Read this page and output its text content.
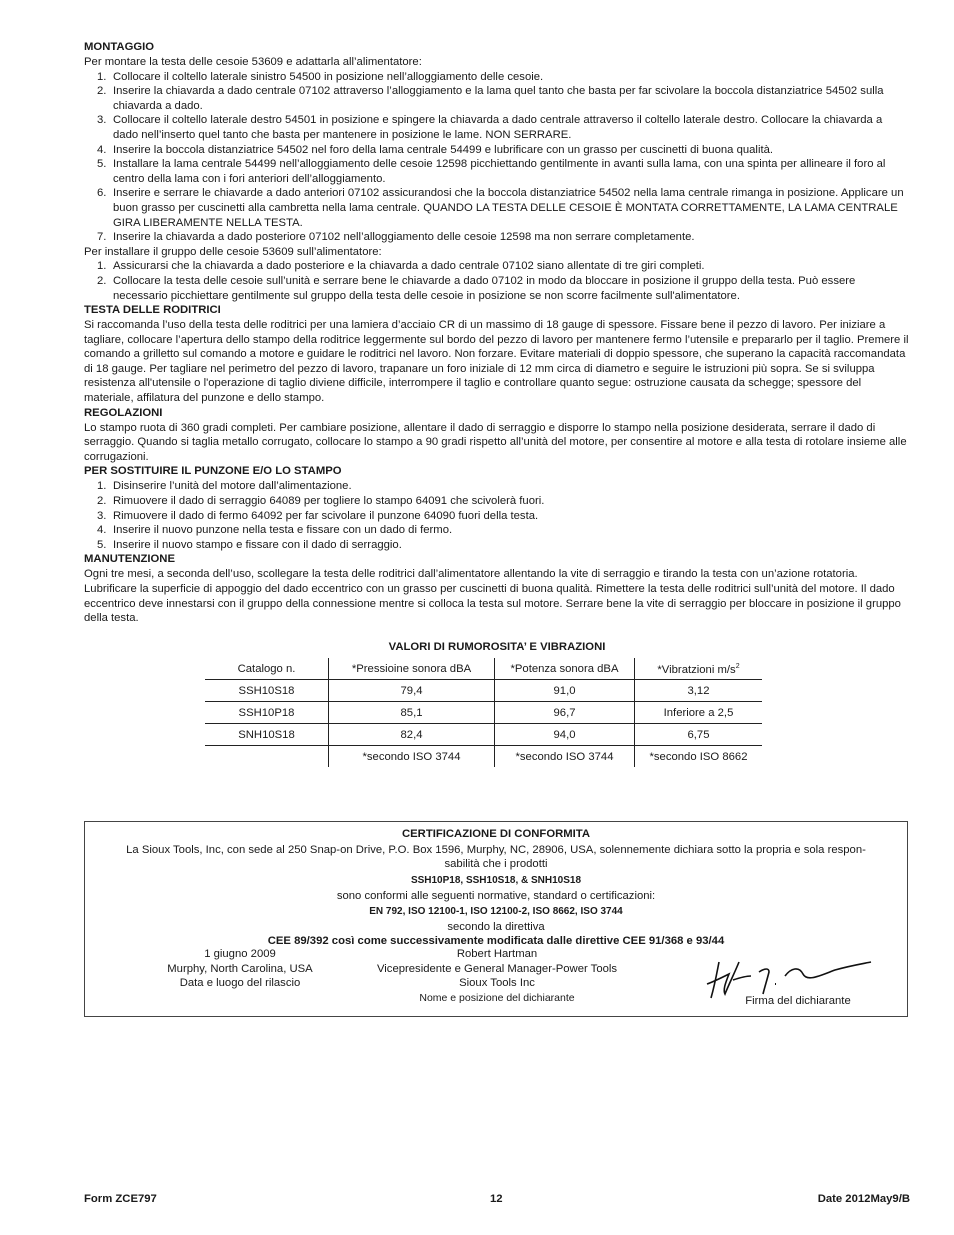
MONTAGGIO

Per montare la testa delle cesoie 53609 e adattarla all’alimentatore:

1. Collocare il coltello laterale sinistro 54500 in posizione nell’alloggiamento delle cesoie.
2. Inserire la chiavarda a dado centrale 07102 attraverso l’alloggiamento e la lama quel tanto che basta per far scivolare la boccola distanziatrice 54502 sulla chiavarda a dado.
3. Collocare il coltello laterale destro 54501 in posizione e spingere la chiavarda a dado centrale attraverso il coltello laterale destro. Collocare la chiavarda a dado nell’inserto quel tanto che basta per mantenere in posizione le lame. NON SERRARE.
4. Inserire la boccola distanziatrice 54502 nel foro della lama centrale 54499 e lubrificare con un grasso per cuscinetti di buona qualità.
5. Installare la lama centrale 54499 nell’alloggiamento delle cesoie 12598 picchiettando gentilmente in avanti sulla lama, con una spinta per allineare il foro al centro della lama con i fori anteriori dell’alloggiamento.
6. Inserire e serrare le chiavarde a dado anteriori 07102 assicurandosi che la boccola distanziatrice 54502 nella lama centrale rimanga in posizione. Applicare un buon grasso per cuscinetti alla cambretta nella lama centrale. QUANDO LA TESTA DELLE CESOIE È MONTATA CORRETTAMENTE, LA LAMA CENTRALE GIRA LIBERAMENTE NELLA TESTA.
7. Inserire la chiavarda a dado posteriore 07102 nell’alloggiamento delle cesoie 12598 ma non serrare completamente.

Per installare il gruppo delle cesoie 53609 sull’alimentatore:

1. Assicurarsi che la chiavarda a dado posteriore e la chiavarda a dado centrale 07102 siano allentate di tre giri completi.
2. Collocare la testa delle cesoie sull’unità e serrare bene le chiavarde a dado 07102 in modo da bloccare in posizione il gruppo della testa. Può essere necessario picchiettare gentilmente sul gruppo della testa delle cesoie in posizione se non scorre facilmente sull'alimentatore.
TESTA DELLE RODITRICI

Si raccomanda l’uso della testa delle roditrici per una lamiera d’acciaio CR di un massimo di 18 gauge di spessore. Fissare bene il pezzo di lavoro. Per iniziare a tagliare, collocare l’apertura dello stampo della roditrice leggermente sul bordo del pezzo di lavoro per mantenere fermo l’utensile e prepararlo per il taglio. Premere il comando a grilletto sul comando a motore e guidare le roditrici nel lavoro. Non forzare. Evitare materiali di doppio spessore, che superano la capacità raccomandata di 18 gauge. Per tagliare nel perimetro del pezzo di lavoro, trapanare un foro iniziale di 12 mm circa di diametro e seguire le istruzioni più sopra. Se si sviluppa resistenza all'utensile o l'operazione di taglio diviene difficile, interrompere il taglio e controllare quanto segue: ostruzione causata da schegge; spessore del materiale, affilatura del punzone e dello stampo.

REGOLAZIONI

Lo stampo ruota di 360 gradi completi. Per cambiare posizione, allentare il dado di serraggio e disporre lo stampo nella posizione desiderata, serrare il dado di serraggio. Quando si taglia metallo corrugato, collocare lo stampo a 90 gradi rispetto all’unità del motore, per consentire al motore e alla testa di rotolare insieme alle corrugazioni.

PER SOSTITUIRE IL PUNZONE E/O LO STAMPO
1. Disinserire l’unità del motore dall’alimentazione.
2. Rimuovere il dado di serraggio 64089 per togliere lo stampo 64091 che scivolerà fuori.
3. Rimuovere il dado di fermo 64092 per far scivolare il punzone 64090 fuori della testa.
4. Inserire il nuovo punzone nella testa e fissare con un dado di fermo.
5. Inserire il nuovo stampo e fissare con il dado di serraggio.
MANUTENZIONE

Ogni tre mesi, a seconda dell’uso, scollegare la testa delle roditrici dall’alimentatore allentando la vite di serraggio e tirando la testa con un’azione rotatoria. Lubrificare la superficie di appoggio del dado eccentrico con un grasso per cuscinetti di buona qualità. Rimettere la testa delle roditrici sull’unità del motore. Il dado eccentrico deve innestarsi con il gruppo della connessione mentre si colloca la testa sul motore. Serrare bene la vite di serraggio per bloccare in posizione il gruppo della testa.

VALORI DI RUMOROSITA’ E VIBRAZIONI
Catalogo n.	*Pressioine sonora dBA	*Potenza sonora dBA	*Vibratzioni $m/s^2$
SSH10S18	79,4	91,0	3,12
SSH10P18	85,1	96,7	Inferiore a 2,5
SNH10S18	82,4	94,0	6,75
	*secondo ISO 3744	*secondo ISO 3744	*secondo ISO 8662
CERTIFICAZIONE DI CONFORMITA
La Sioux Tools, Inc, con sede al 250 Snap-on Drive, P.O. Box 1596, Murphy, NC, 28906, USA, solennemente dichiara sotto la propria e sola respon-
sabilità che i prodotti
SSH10P18, SSH10S18, & SNH10S18
sono conformi alle seguenti normative, standard o certificazioni:
EN 792, ISO 12100-1, ISO 12100-2, ISO 8662, ISO 3744
secondo la direttiva
CEE 89/392 così come successivamente modificata dalle direttive CEE 91/368 e 93/44
1 giugno 2009
Murphy, North Carolina, USA
Data e luogo del rilascio
Robert Hartman
Vicepresidente e General Manager-Power Tools
Sioux Tools Inc
Nome e posizione del dichiarante	Firma del dichiarante
Form ZCE797	12	Date 2012May9/B
